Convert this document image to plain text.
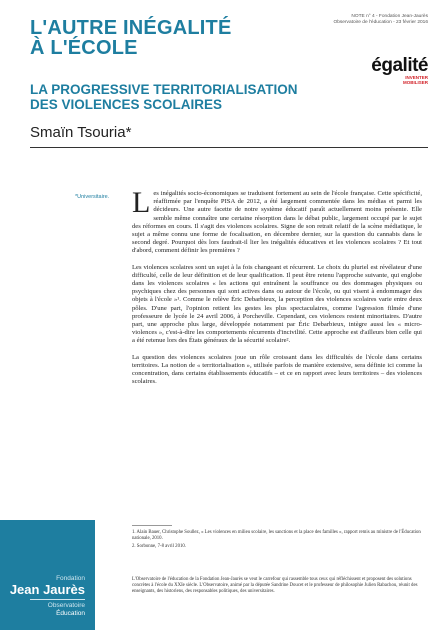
L'AUTRE INÉGALITÉ
À L'ÉCOLE
LA PROGRESSIVE TERRITORIALISATION
DES VIOLENCES SCOLAIRES
NOTE n° 4 - Fondation Jean-Jaurès
Observatoire de l'éducation - 23 février 2016
égalité
INVENTER
MOBILISER
Smaïn Tsouria*
*Universitaire. Les inégalités socio-économiques se traduisent fortement au sein de l'école française. Cette spécificité, réaffirmée par l'enquête PISA de 2012, a été largement commentée dans les médias et parmi les décideurs. Une autre facette de notre système éducatif paraît actuellement moins présente. Elle semble même connaître une certaine résorption dans le débat public, largement occupé par le sujet des réformes en cours. Il s'agit des violences scolaires. Signe de son retrait relatif de la scène médiatique, le sujet a même connu une forme de focalisation, en décembre dernier, sur la question du cannabis dans le second degré. Pourquoi dès lors faudrait-il lier les inégalités éducatives et les violences scolaires ? Et tout d'abord, comment définir les premières ?

Les violences scolaires sont un sujet à la fois changeant et récurrent. Le choix du pluriel est révélateur d'une difficulté, celle de leur définition et de leur qualification. Il peut être retenu l'approche suivante, qui englobe dans les violences scolaires « les actions qui entraînent la souffrance ou des dommages physiques ou psychiques chez des personnes qui sont actives dans ou autour de l'école, ou qui visent à endommager des objets à l'école »¹. Comme le relève Éric Debarbieux, la perception des violences scolaires varie entre deux pôles. D'une part, l'opinion retient les gestes les plus spectaculaires, comme l'agression filmée d'une professeure de lycée le 24 avril 2006, à Porcheville. Cependant, ces violences restent minoritaires. D'autre part, une approche plus large, développée notamment par Éric Debarbieux, intègre aussi les « micro-violences », c'est-à-dire les comportements récurrents d'incivilité. Cette approche est d'ailleurs bien celle qui a été retenue lors des États généraux de la sécurité scolaire².

La question des violences scolaires joue un rôle croissant dans les difficultés de l'école dans certains territoires. La notion de « territorialisation », utilisée parfois de manière extensive, sera définie ici comme la concentration, dans certains établissements éducatifs – et ce en rapport avec leurs territoires – des violences scolaires.

1. Alain Bauer, Christophe Soullez, « Les violences en milieu scolaire, les sanctions et la place des familles », rapport remis au ministre de l'Éducation nationale, 2010.
2. Sorbonne, 7-8 avril 2010.
L'Observatoire de l'éducation de la Fondation Jean-Jaurès se veut le carrefour qui rassemble tous ceux qui réfléchissent et proposent des solutions concrètes à l'école du XXIe siècle. L'Observatoire, animé par la députée Sandrine Doucet et le professeur de philosophie Julien Rabachou, réunit des enseignants, des historiens, des responsables politiques, des universitaires.
Fondation
Jean Jaurès
Observatoire
Éducation
